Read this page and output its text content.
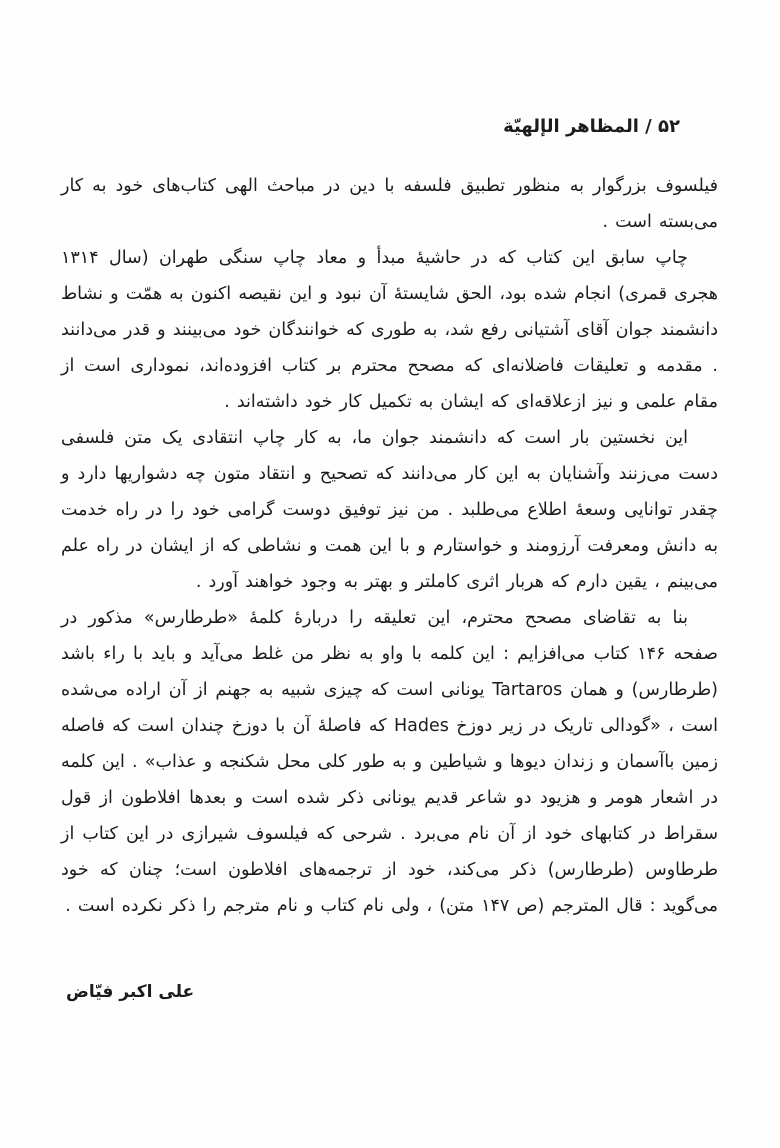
۵۲ / المظاهر الإلهيّة

فیلسوف بزرگوار به منظور تطبیق فلسفه با دین در مباحث الهی کتاب‌های خود به کار می‌بسته است .

چاپ سابق این کتاب که در حاشیهٔ مبدأ و معاد چاپ سنگی طهران (سال ۱۳۱۴ هجری قمری) انجام شده بود، الحق شایستهٔ آن نبود و این نقیصه اکنون به همّت و نشاط دانشمند جوان آقای آشتیانی رفع شد، به طوری که خوانندگان خود می‌بینند و قدر می‌دانند . مقدمه و تعلیقات فاضلانه‌ای که مصحح محترم بر کتاب افزوده‌اند، نموداری است از مقام علمی و نیز ازعلاقه‌ای که ایشان به تکمیل کار خود داشته‌اند .

این نخستین بار است که دانشمند جوان ما، به کار چاپ انتقادی یک متن فلسفی دست می‌زنند وآشنایان به این کار می‌دانند که تصحیح و انتقاد متون چه دشواریها دارد و چقدر توانایی وسعهٔ اطلاع می‌طلبد . من نیز توفیق دوست گرامی خود را در راه خدمت به دانش ومعرفت آرزومند و خواستارم و با این همت و نشاطی که از ایشان در راه علم می‌بینم ، یقین دارم که هربار اثری کاملتر و بهتر به وجود خواهند آورد .

بنا به تقاضای مصحح محترم، این تعلیقه را دربارهٔ کلمهٔ «طرطارس» مذکور در صفحه ۱۴۶ کتاب می‌افزایم : این کلمه با واو به نظر من غلط می‌آید و باید با راء باشد (طرطارس) و همان Tartaros یونانی است که چیزی شبیه به جهنم از آن اراده می‌شده است ، «گودالی تاریک در زیر دوزخ Hades که فاصلهٔ آن با دوزخ چندان است که فاصله زمین باآسمان و زندان دیوها و شیاطین و به طور کلی محل شکنجه و عذاب» . این کلمه در اشعار هومر و هزیود دو شاعر قدیم یونانی ذکر شده است و بعدها افلاطون از قول سقراط در کتابهای خود از آن نام می‌برد . شرحی که فیلسوف شیرازی در این کتاب از طرطاوس (طرطارس) ذکر می‌کند، خود از ترجمه‌های افلاطون است؛ چنان که خود می‌گوید : قال المترجم (ص ۱۴۷ متن) ، ولی نام کتاب و نام مترجم را ذکر نکرده است .

علی اکبر فیّاض
